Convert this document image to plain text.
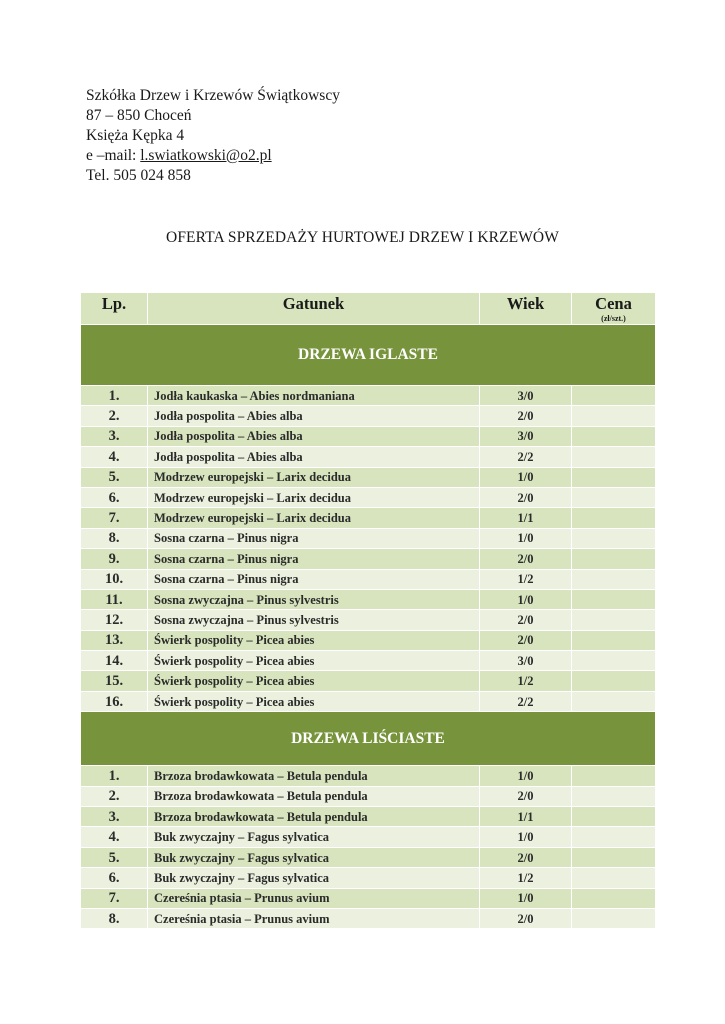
Szkółka Drzew i Krzewów Świątkowscy
87 – 850 Choceń
Księża Kępka 4
e –mail: l.swiatkowski@o2.pl
Tel. 505 024 858
OFERTA SPRZEDAŻY HURTOWEJ DRZEW I KRZEWÓW
Lp.	Gatunek	Wiek	Cena
(zł/szt.)

DRZEWA IGLASTE			
1.	Jodła kaukaska – Abies nordmaniana	3/0	
2.	Jodła pospolita – Abies alba	2/0	
3.	Jodła pospolita – Abies alba	3/0	
4.	Jodła pospolita – Abies alba	2/2	
5.	Modrzew europejski – Larix decidua	1/0	
6.	Modrzew europejski – Larix decidua	2/0	
7.	Modrzew europejski – Larix decidua	1/1	
8.	Sosna czarna – Pinus nigra	1/0	
9.	Sosna czarna – Pinus nigra	2/0	
10.	Sosna czarna – Pinus nigra	1/2	
11.	Sosna zwyczajna – Pinus sylvestris	1/0	
12.	Sosna zwyczajna – Pinus sylvestris	2/0	
13.	Świerk pospolity – Picea abies	2/0	
14.	Świerk pospolity – Picea abies	3/0	
15.	Świerk pospolity – Picea abies	1/2	
16.	Świerk pospolity – Picea abies	2/2	
DRZEWA LIŚCIASTE			
1.	Brzoza brodawkowata – Betula pendula	1/0	
2.	Brzoza brodawkowata – Betula pendula	2/0	
3.	Brzoza brodawkowata – Betula pendula	1/1	
4.	Buk zwyczajny – Fagus sylvatica	1/0	
5.	Buk zwyczajny – Fagus sylvatica	2/0	
6.	Buk zwyczajny – Fagus sylvatica	1/2	
7.	Czereśnia ptasia – Prunus avium	1/0	
8.	Czereśnia ptasia – Prunus avium	2/0	
